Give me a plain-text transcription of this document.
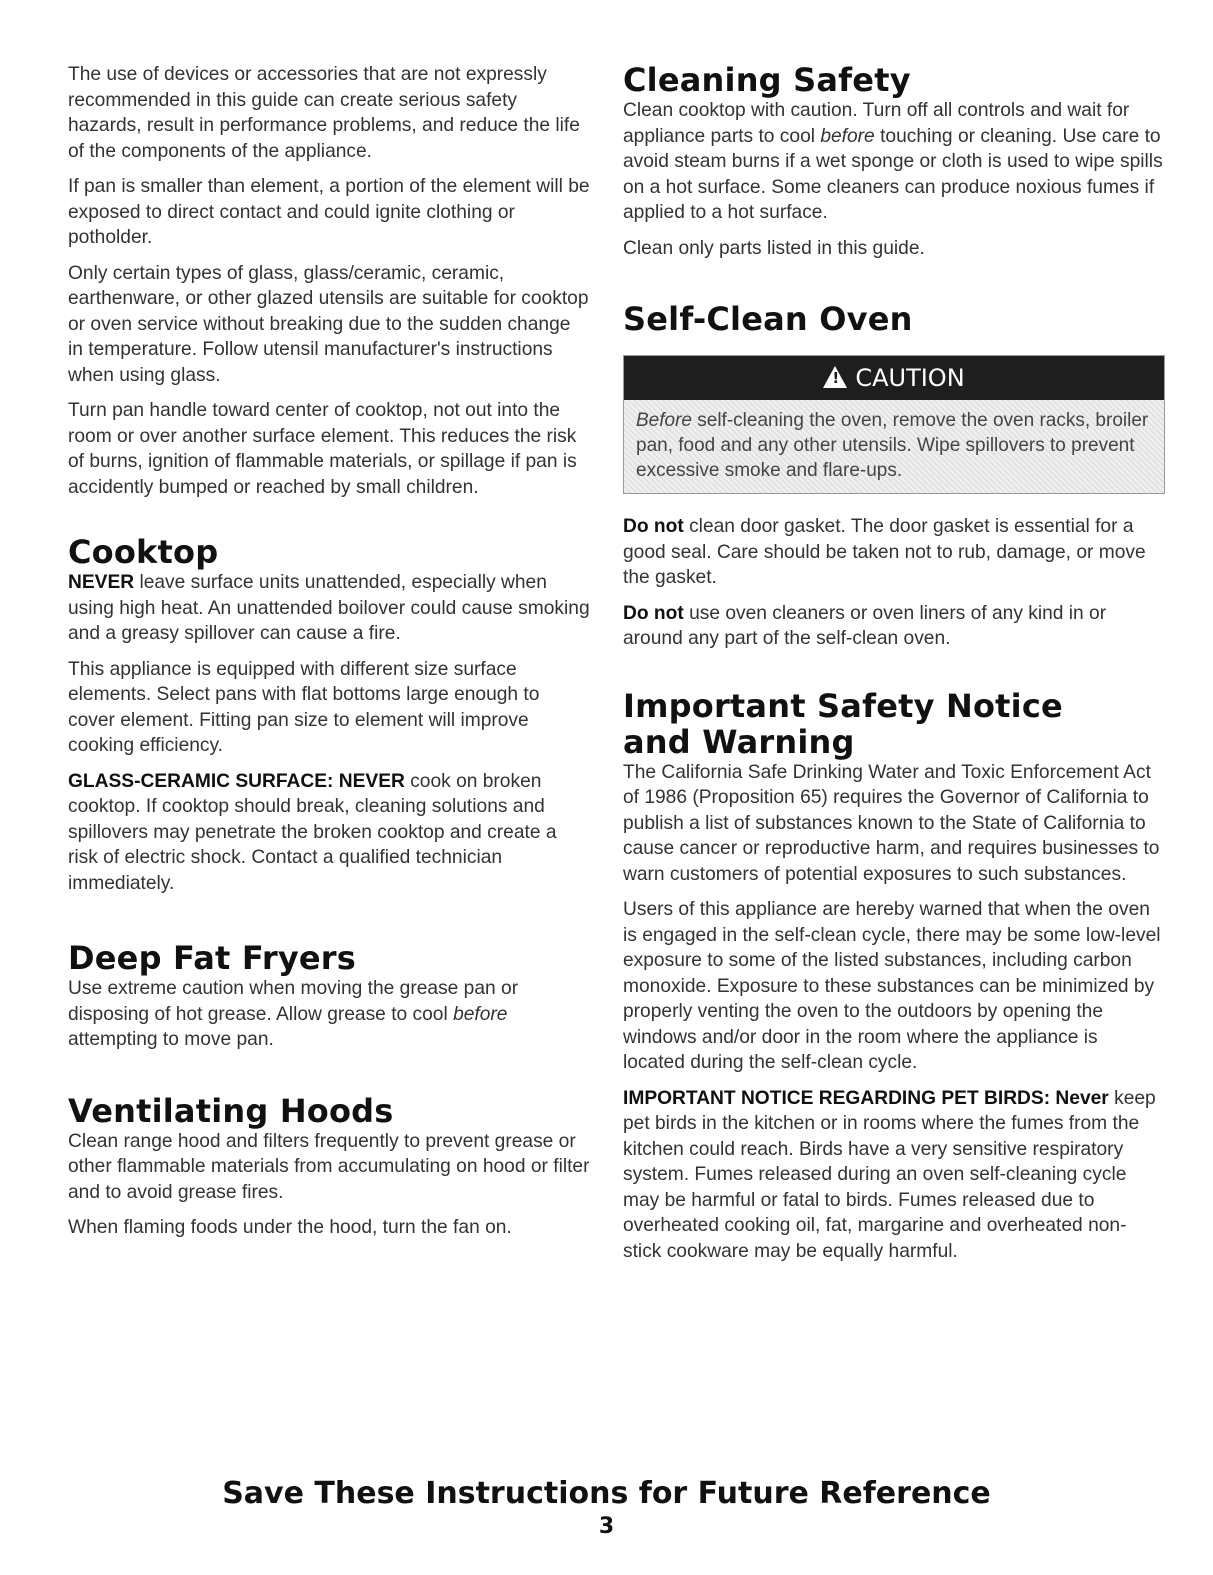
The use of devices or accessories that are not expressly recommended in this guide can create serious safety hazards, result in performance problems, and reduce the life of the components of the appliance.

If pan is smaller than element, a portion of the element will be exposed to direct contact and could ignite clothing or potholder.

Only certain types of glass, glass/ceramic, ceramic, earthenware, or other glazed utensils are suitable for cooktop or oven service without breaking due to the sudden change in temperature. Follow utensil manufacturer's instructions when using glass.

Turn pan handle toward center of cooktop, not out into the room or over another surface element. This reduces the risk of burns, ignition of flammable materials, or spillage if pan is accidently bumped or reached by small children.

Cooktop

NEVER leave surface units unattended, especially when using high heat. An unattended boilover could cause smoking and a greasy spillover can cause a fire.

This appliance is equipped with different size surface elements. Select pans with flat bottoms large enough to cover element. Fitting pan size to element will improve cooking efficiency.

GLASS-CERAMIC SURFACE: NEVER cook on broken cooktop. If cooktop should break, cleaning solutions and spillovers may penetrate the broken cooktop and create a risk of electric shock. Contact a qualified technician immediately.

Deep Fat Fryers

Use extreme caution when moving the grease pan or disposing of hot grease. Allow grease to cool before attempting to move pan.

Ventilating Hoods

Clean range hood and filters frequently to prevent grease or other flammable materials from accumulating on hood or filter and to avoid grease fires.

When flaming foods under the hood, turn the fan on.

Cleaning Safety

Clean cooktop with caution. Turn off all controls and wait for appliance parts to cool before touching or cleaning. Use care to avoid steam burns if a wet sponge or cloth is used to wipe spills on a hot surface. Some cleaners can produce noxious fumes if applied to a hot surface.

Clean only parts listed in this guide.

Self-Clean Oven
!CAUTION
Before self-cleaning the oven, remove the oven racks, broiler pan, food and any other utensils. Wipe spillovers to prevent excessive smoke and flare-ups.

Do not clean door gasket. The door gasket is essential for a good seal. Care should be taken not to rub, damage, or move the gasket.

Do not use oven cleaners or oven liners of any kind in or around any part of the self-clean oven.

Important Safety Notice
and Warning

The California Safe Drinking Water and Toxic Enforcement Act of 1986 (Proposition 65) requires the Governor of California to publish a list of substances known to the State of California to cause cancer or reproductive harm, and requires businesses to warn customers of potential exposures to such substances.

Users of this appliance are hereby warned that when the oven is engaged in the self-clean cycle, there may be some low-level exposure to some of the listed substances, including carbon monoxide. Exposure to these substances can be minimized by properly venting the oven to the outdoors by opening the windows and/or door in the room where the appliance is located during the self-clean cycle.

IMPORTANT NOTICE REGARDING PET BIRDS: Never keep pet birds in the kitchen or in rooms where the fumes from the kitchen could reach. Birds have a very sensitive respiratory system. Fumes released during an oven self-cleaning cycle may be harmful or fatal to birds. Fumes released due to overheated cooking oil, fat, margarine and overheated non-stick cookware may be equally harmful.

Save These Instructions for Future Reference
3
